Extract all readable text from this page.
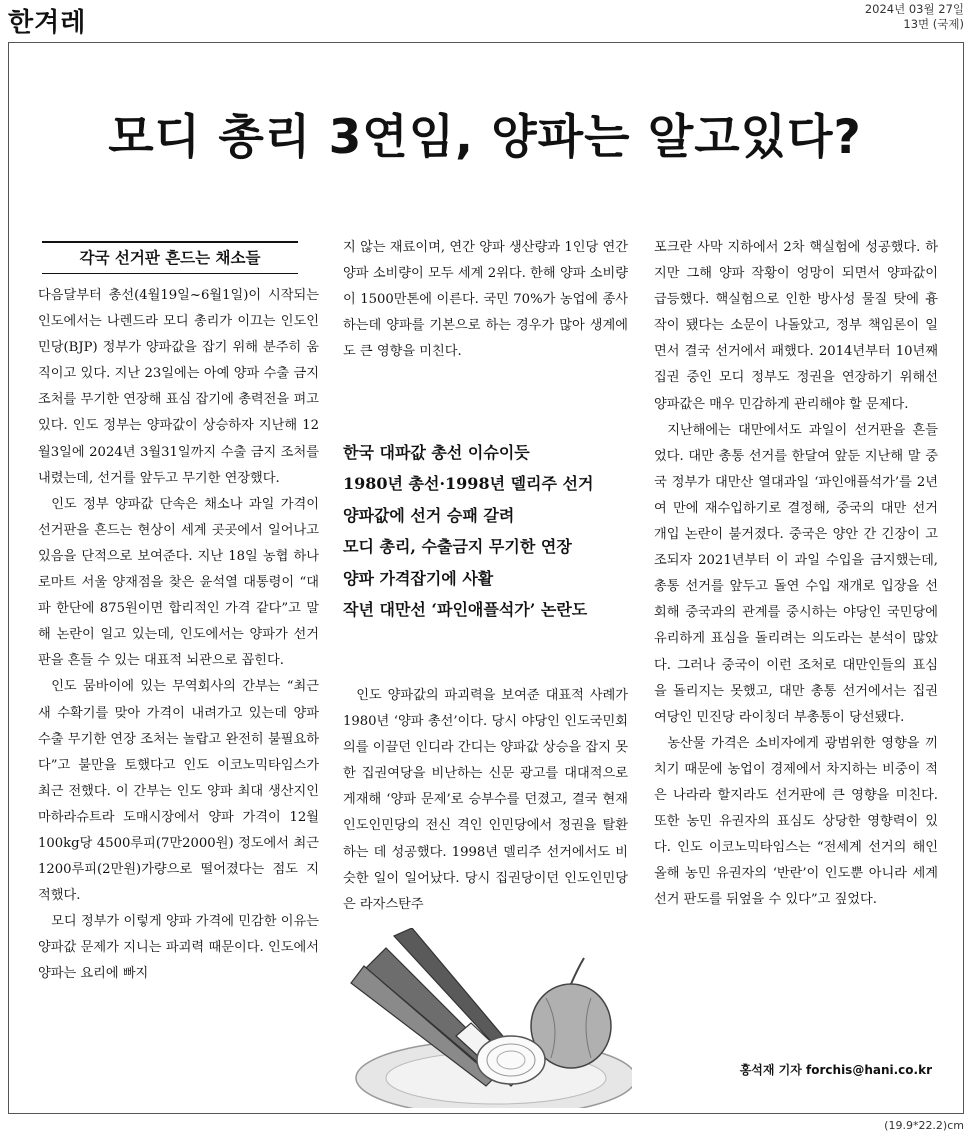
한겨레	2024년 03월 27일
13면 (국제)
모디 총리 3연임, 양파는 알고있다?
각국 선거판 흔드는 채소들

다음달부터 총선(4월19일~6월1일)이 시작되는 인도에서는 나렌드라 모디 총리가 이끄는 인도인민당(BJP) 정부가 양파값을 잡기 위해 분주히 움직이고 있다. 지난 23일에는 아예 양파 수출 금지 조처를 무기한 연장해 표심 잡기에 총력전을 펴고 있다. 인도 정부는 양파값이 상승하자 지난해 12월3일에 2024년 3월31일까지 수출 금지 조처를 내렸는데, 선거를 앞두고 무기한 연장했다.

인도 정부 양파값 단속은 채소나 과일 가격이 선거판을 흔드는 현상이 세계 곳곳에서 일어나고 있음을 단적으로 보여준다. 지난 18일 농협 하나로마트 서울 양재점을 찾은 윤석열 대통령이 “대파 한단에 875원이면 합리적인 가격 같다”고 말해 논란이 일고 있는데, 인도에서는 양파가 선거판을 흔들 수 있는 대표적 뇌관으로 꼽힌다.

인도 뭄바이에 있는 무역회사의 간부는 “최근 새 수확기를 맞아 가격이 내려가고 있는데 양파 수출 무기한 연장 조처는 놀랍고 완전히 불필요하다”고 불만을 토했다고 인도 이코노믹타임스가 최근 전했다. 이 간부는 인도 양파 최대 생산지인 마하라슈트라 도매시장에서 양파 가격이 12월 100kg당 4500루피(7만2000원) 정도에서 최근 1200루피(2만원)가량으로 떨어졌다는 점도 지적했다.

모디 정부가 이렇게 양파 가격에 민감한 이유는 양파값 문제가 지니는 파괴력 때문이다. 인도에서 양파는 요리에 빠지

지 않는 재료이며, 연간 양파 생산량과 1인당 연간 양파 소비량이 모두 세계 2위다. 한해 양파 소비량이 1500만톤에 이른다. 국민 70%가 농업에 종사하는데 양파를 기본으로 하는 경우가 많아 생계에도 큰 영향을 미친다.

한국 대파값 총선 이슈이듯
1980년 총선·1998년 델리주 선거
양파값에 선거 승패 갈려
모디 총리, 수출금지 무기한 연장
양파 가격잡기에 사활
작년 대만선 ‘파인애플석가’ 논란도

인도 양파값의 파괴력을 보여준 대표적 사례가 1980년 ‘양파 총선’이다. 당시 야당인 인도국민회의를 이끌던 인디라 간디는 양파값 상승을 잡지 못한 집권여당을 비난하는 신문 광고를 대대적으로 게재해 ‘양파 문제’로 승부수를 던졌고, 결국 현재 인도인민당의 전신 격인 인민당에서 정권을 탈환하는 데 성공했다. 1998년 델리주 선거에서도 비슷한 일이 일어났다. 당시 집권당이던 인도인민당은 라자스탄주

포크란 사막 지하에서 2차 핵실험에 성공했다. 하지만 그해 양파 작황이 엉망이 되면서 양파값이 급등했다. 핵실험으로 인한 방사성 물질 탓에 흉작이 됐다는 소문이 나돌았고, 정부 책임론이 일면서 결국 선거에서 패했다. 2014년부터 10년째 집권 중인 모디 정부도 정권을 연장하기 위해선 양파값은 매우 민감하게 관리해야 할 문제다.

지난해에는 대만에서도 과일이 선거판을 흔들었다. 대만 총통 선거를 한달여 앞둔 지난해 말 중국 정부가 대만산 열대과일 ‘파인애플석가’를 2년여 만에 재수입하기로 결정해, 중국의 대만 선거 개입 논란이 불거졌다. 중국은 양안 간 긴장이 고조되자 2021년부터 이 과일 수입을 금지했는데, 총통 선거를 앞두고 돌연 수입 재개로 입장을 선회해 중국과의 관계를 중시하는 야당인 국민당에 유리하게 표심을 돌리려는 의도라는 분석이 많았다. 그러나 중국이 이런 조처로 대만인들의 표심을 돌리지는 못했고, 대만 총통 선거에서는 집권 여당인 민진당 라이칭더 부총통이 당선됐다.

농산물 가격은 소비자에게 광범위한 영향을 끼치기 때문에 농업이 경제에서 차지하는 비중이 적은 나라라 할지라도 선거판에 큰 영향을 미친다. 또한 농민 유권자의 표심도 상당한 영향력이 있다. 인도 이코노믹타임스는 “전세계 선거의 해인 올해 농민 유권자의 ‘반란’이 인도뿐 아니라 세계 선거 판도를 뒤엎을 수 있다”고 짚었다.

홍석재 기자 forchis@hani.co.kr
(19.9*22.2)cm
